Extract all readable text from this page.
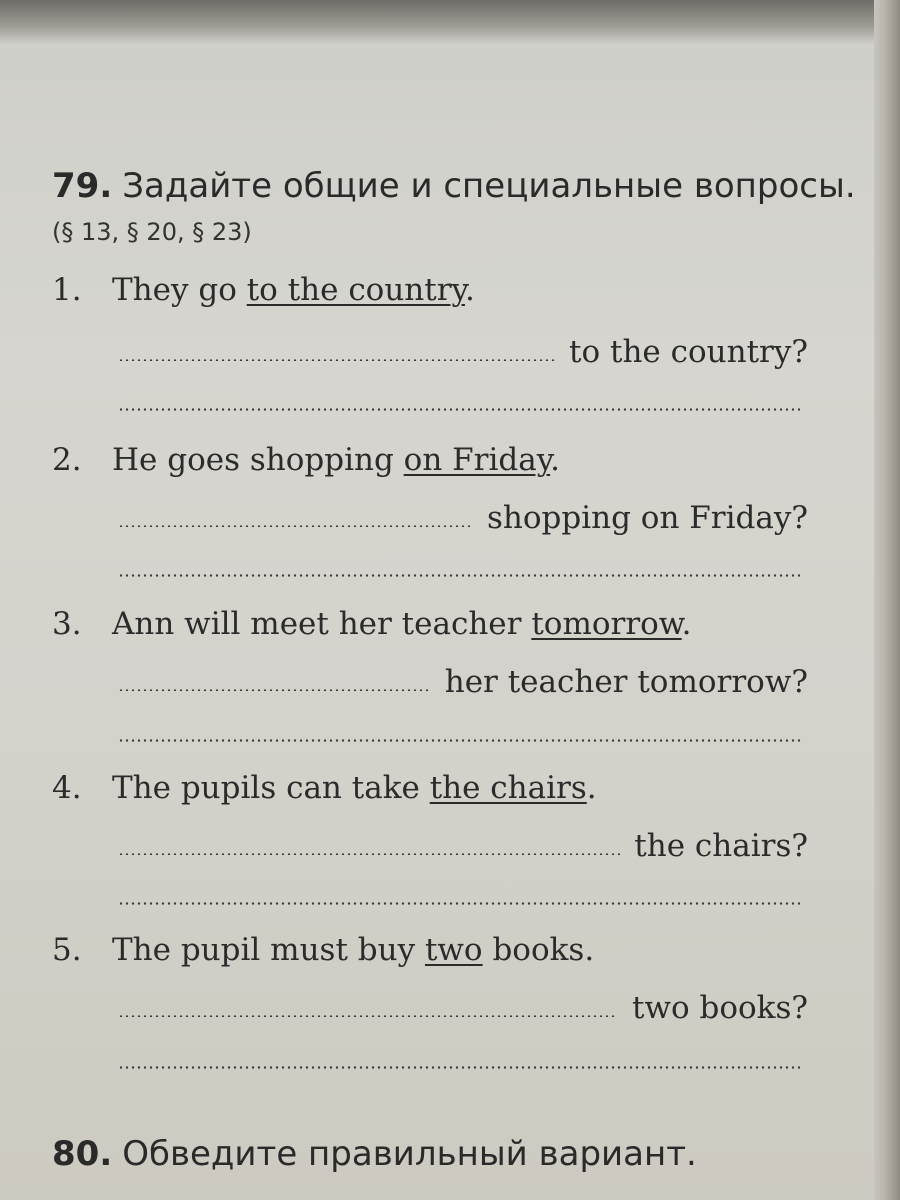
79. Задайте общие и специальные вопросы.
(§ 13, § 20, § 23)
1. They go to the country.
to the country?
2. He goes shopping on Friday.
shopping on Friday?
3. Ann will meet her teacher tomorrow.
her teacher tomorrow?
4. The pupils can take the chairs.
the chairs?
5. The pupil must buy two books.
two books?
80. Обведите правильный вариант.
